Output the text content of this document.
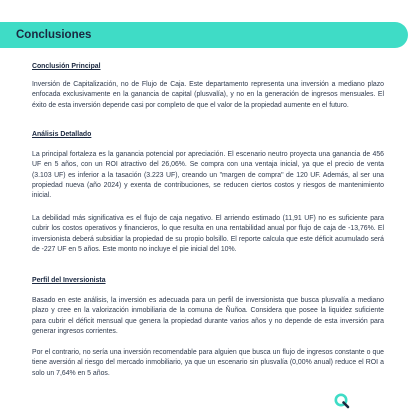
Conclusiones
Conclusión Principal

Inversión de Capitalización, no de Flujo de Caja. Este departamento representa una inversión a mediano plazo enfocada exclusivamente en la ganancia de capital (plusvalía), y no en la generación de ingresos mensuales. El éxito de esta inversión depende casi por completo de que el valor de la propiedad aumente en el futuro.

Análisis Detallado

La principal fortaleza es la ganancia potencial por apreciación. El escenario neutro proyecta una ganancia de 456 UF en 5 años, con un ROI atractivo del 26,06%. Se compra con una ventaja inicial, ya que el precio de venta (3.103 UF) es inferior a la tasación (3.223 UF), creando un "margen de compra" de 120 UF. Además, al ser una propiedad nueva (año 2024) y exenta de contribuciones, se reducen ciertos costos y riesgos de mantenimiento inicial.

La debilidad más significativa es el flujo de caja negativo. El arriendo estimado (11,91 UF) no es suficiente para cubrir los costos operativos y financieros, lo que resulta en una rentabilidad anual por flujo de caja de -13,76%. El inversionista deberá subsidiar la propiedad de su propio bolsillo. El reporte calcula que este déficit acumulado será de -227 UF en 5 años. Este monto no incluye el pie inicial del 10%.

Perfil del Inversionista

Basado en este análisis, la inversión es adecuada para un perfil de inversionista que busca plusvalía a mediano plazo y cree en la valorización inmobiliaria de la comuna de Ñuñoa. Considera que posee la liquidez suficiente para cubrir el déficit mensual que genera la propiedad durante varios años y no depende de esta inversión para generar ingresos corrientes.

Por el contrario, no sería una inversión recomendable para alguien que busca un flujo de ingresos constante o que tiene aversión al riesgo del mercado inmobiliario, ya que un escenario sin plusvalía (0,00% anual) reduce el ROI a solo un 7,64% en 5 años.
